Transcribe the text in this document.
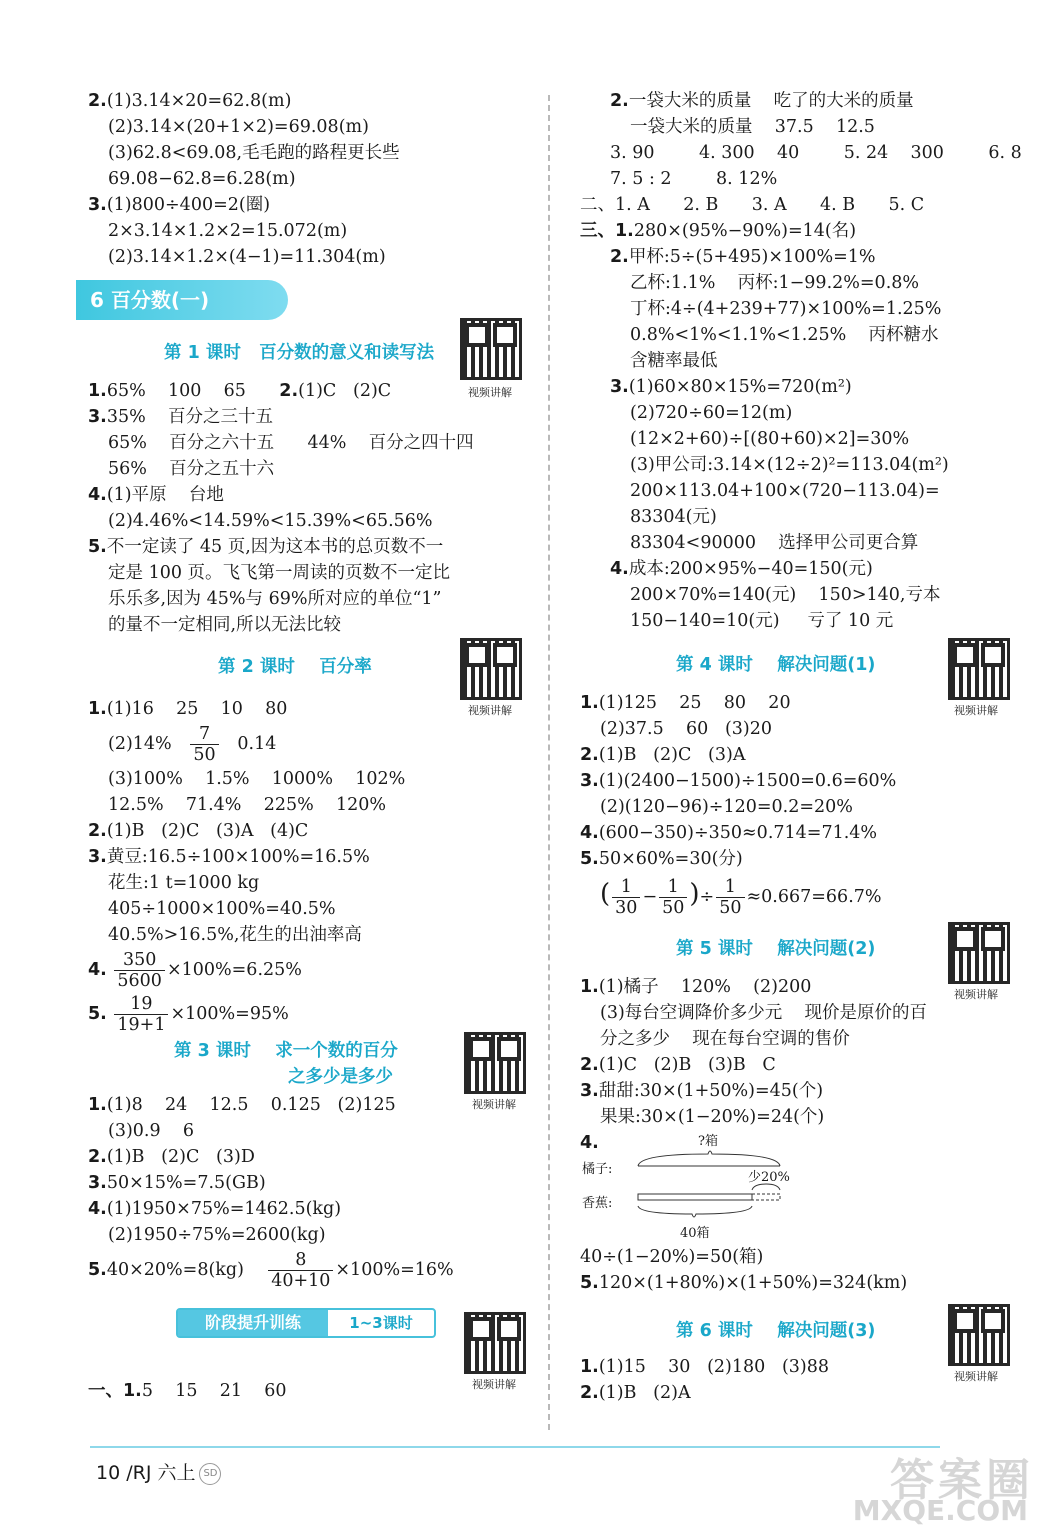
2.(1)3.14×20=62.8(m)
(2)3.14×(20+1×2)=69.08(m)
(3)62.8<69.08,毛毛跑的路程更长些
69.08−62.8=6.28(m)
3.(1)800÷400=2(圈)
2×3.14×1.2×2=15.072(m)
(2)3.14×1.2×(4−1)=11.304(m)
6 百分数(一)
第 1 课时   百分数的意义和读写法
视频讲解
1.65%    100    65 2.(1)C   (2)C
3.35%    百分之三十五
65%    百分之六十五      44%    百分之四十四
56%    百分之五十六
4.(1)平原    台地
(2)4.46%<14.59%<15.39%<65.56%
5.不一定读了 45 页,因为这本书的总页数不一
定是 100 页。飞飞第一周读的页数不一定比
乐乐多,因为 45%与 69%所对应的单位“1”
的量不一定相同,所以无法比较
第 2 课时    百分率
视频讲解
1.(1)16    25    10    80
$(2)14\% \frac{7}{50} 0.14$
(3)100%    1.5%    1000%    102%
12.5%    71.4%    225%    120%
2.(1)B   (2)C   (3)A   (4)C
3.黄豆:16.5÷100×100%=16.5%
花生:1 t=1000 kg
405÷1000×100%=40.5%
40.5%>16.5%,花生的出油率高
4. $\frac{350}{5600} \times 100\%=6.25\%$
5. $\frac{19}{19+1} \times 100\%=95\%$
第 3 课时    求一个数的百分
之多少是多少
视频讲解
1.(1)8    24    12.5    0.125   (2)125
(3)0.9    6
2.(1)B   (2)C   (3)D
3.50×15%=7.5(GB)
4.(1)1950×75%=1462.5(kg)
(2)1950÷75%=2600(kg)
$5.40\times 20\%=8(kg) \frac{8}{40+10} \times 100\%=16\%$
阶段提升训练	1~3课时
视频讲解
一、1.5    15    21    60
2.一袋大米的质量    吃了的大米的质量
一袋大米的质量    37.5    12.5
3. 90        4. 300    40        5. 24    300        6. 8
7. 5 : 2        8. 12%
二、1. A      2. B      3. A      4. B      5. C
三、1.280×(95%−90%)=14(名)
2.甲杯:5÷(5+495)×100%=1%
乙杯:1.1%    丙杯:1−99.2%=0.8%
丁杯:4÷(4+239+77)×100%=1.25%
0.8%<1%<1.1%<1.25%    丙杯糖水
含糖率最低
3.(1)60×80×15%=720(m²)
(2)720÷60=12(m)
(12×2+60)÷[(80+60)×2]=30%
(3)甲公司:3.14×(12÷2)²=113.04(m²)
200×113.04+100×(720−113.04)=
83304(元)
83304<90000    选择甲公司更合算
4.成本:200×95%−40=150(元)
200×70%=140(元)    150>140,亏本
150−140=10(元)     亏了 10 元
第 4 课时    解决问题(1)
视频讲解
1.(1)125    25    80    20
(2)37.5    60   (3)20
2.(1)B   (2)C   (3)A
3.(1)(2400−1500)÷1500=0.6=60%
(2)(120−96)÷120=0.2=20%
4.(600−350)÷350≈0.714=71.4%
5.50×60%=30(分)
( $\frac{1}{30} - \frac{1}{50}$ )÷ $\frac{1}{50} \approx 0.667=66.7\%$
第 5 课时    解决问题(2)
视频讲解
1.(1)橘子    120%    (2)200
(3)每台空调降价多少元    现价是原价的百
分之多少    现在每台空调的售价
2.(1)C   (2)B   (3)B   C
3.甜甜:30×(1+50%)=45(个)
果果:30×(1−20%)=24(个)
4.	?箱
橘子:
香蕉:
少20%
40箱
40÷(1−20%)=50(箱)
5.120×(1+80%)×(1+50%)=324(km)
第 6 课时    解决问题(3)
视频讲解
1.(1)15    30   (2)180   (3)88
2.(1)B   (2)A
10 /RJ 六上 SD	答案圈
MXQE.COM
